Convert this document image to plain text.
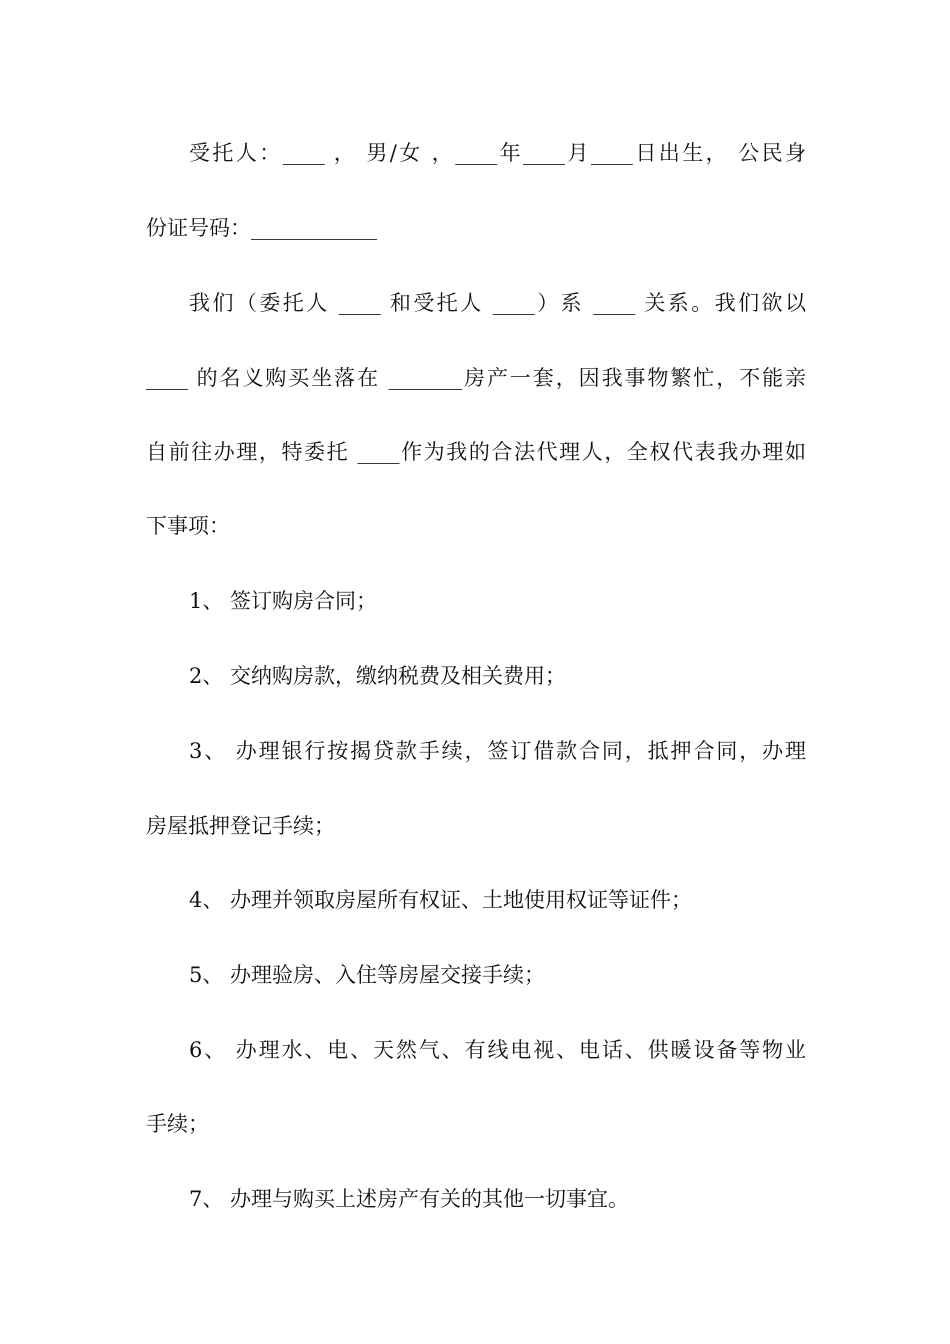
受托人：____ ， 男/女 ，____年____月____日出生， 公民身
份证号码：____________
我们（委托人 ____ 和受托人 ____）系 ____ 关系。我们欲以
____ 的名义购买坐落在 _______房产一套，因我事物繁忙，不能亲
自前往办理，特委托 ____作为我的合法代理人，全权代表我办理如
下事项：
1、 签订购房合同；
2、 交纳购房款，缴纳税费及相关费用；
3、 办理银行按揭贷款手续，签订借款合同，抵押合同，办理
房屋抵押登记手续；
4、 办理并领取房屋所有权证、土地使用权证等证件；
5、 办理验房、入住等房屋交接手续；
6、 办理水、电、天然气、有线电视、电话、供暖设备等物业
手续；
7、 办理与购买上述房产有关的其他一切事宜。
